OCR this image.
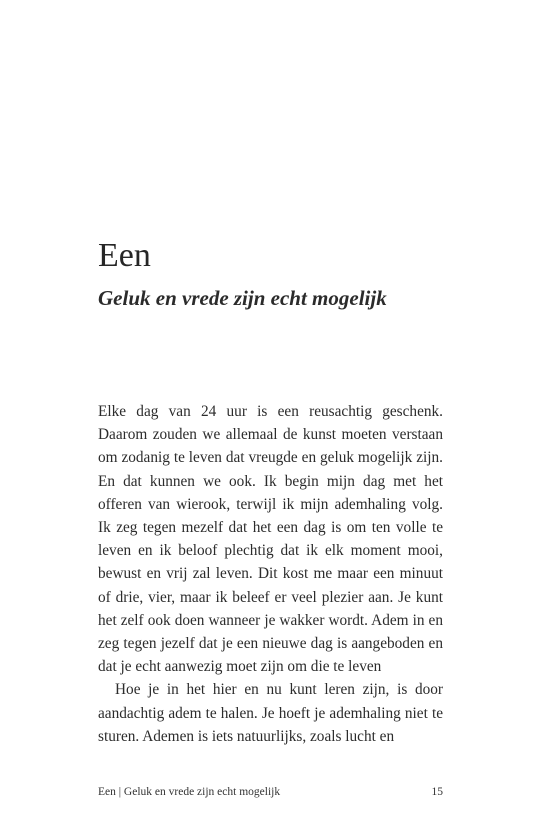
Een
Geluk en vrede zijn echt mogelijk

Elke dag van 24 uur is een reusachtig geschenk. Daarom zouden we allemaal de kunst moeten verstaan om zodanig te leven dat vreugde en geluk mogelijk zijn. En dat kunnen we ook. Ik begin mijn dag met het offeren van wierook, terwijl ik mijn ademhaling volg. Ik zeg tegen mezelf dat het een dag is om ten volle te leven en ik beloof plechtig dat ik elk moment mooi, bewust en vrij zal leven. Dit kost me maar een minuut of drie, vier, maar ik beleef er veel plezier aan. Je kunt het zelf ook doen wanneer je wakker wordt. Adem in en zeg tegen jezelf dat je een nieuwe dag is aangeboden en dat je echt aanwezig moet zijn om die te leven

Hoe je in het hier en nu kunt leren zijn, is door aandachtig adem te halen. Je hoeft je ademhaling niet te sturen. Ademen is iets natuurlijks, zoals lucht en

Een | Geluk en vrede zijn echt mogelijk	15
